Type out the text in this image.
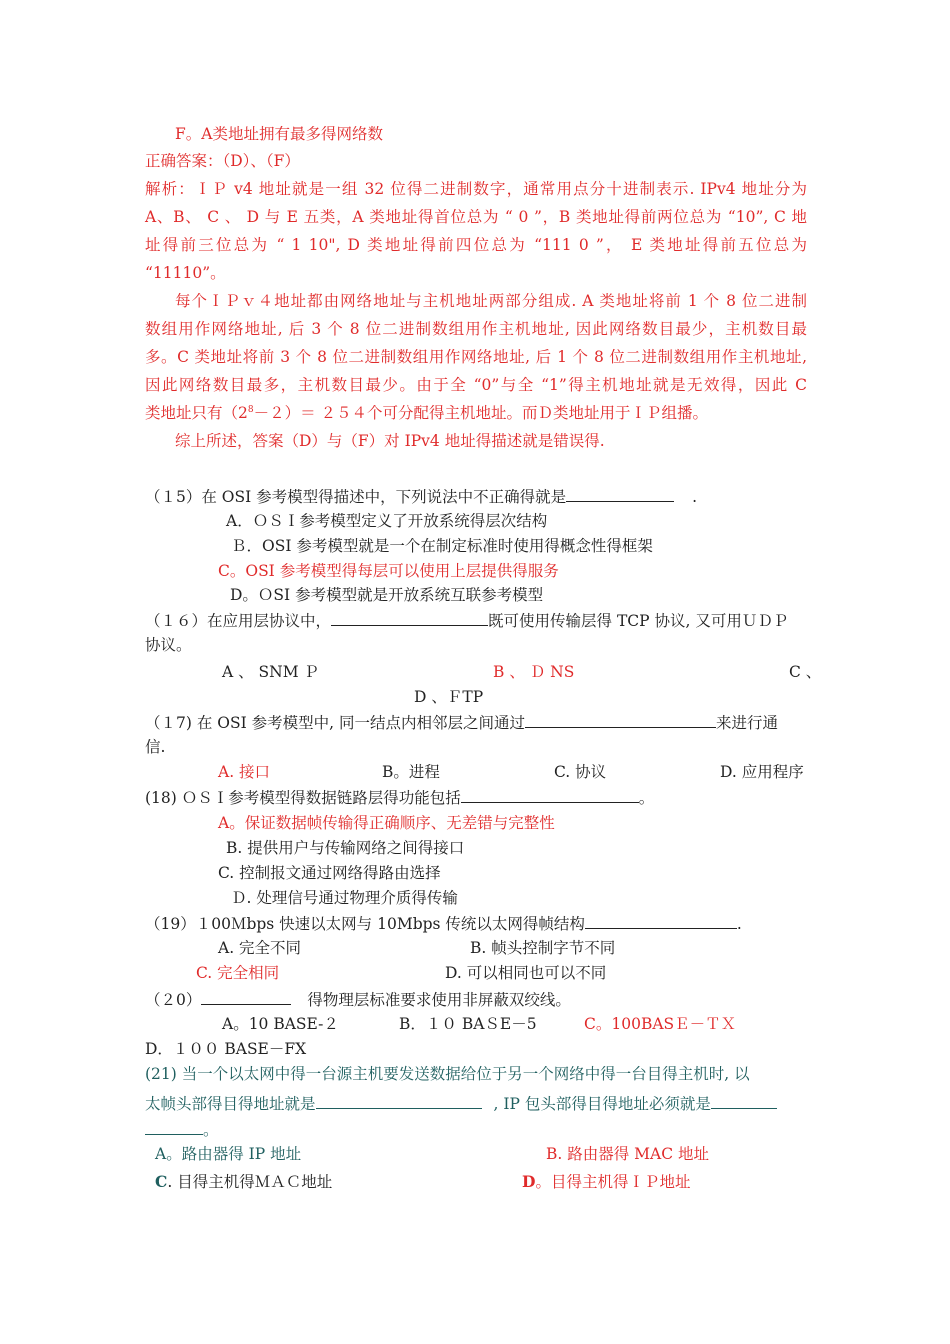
F。A类地址拥有最多得网络数
正确答案：（D）、（F）
解析：ＩＰ v4 地址就是一组 32 位得二进制数字，通常用点分十进制表示. IPv4 地址分为
A、B、 C 、 D 与 E 五类，A 类地址得首位总为 “ 0 ”，B 类地址得前两位总为 “10”, C 地
址得前三位总为 “ 1 10", D 类地址得前四位总为 “111 0 ”， E 类地址得前五位总为
“11110”。
每个ＩＰｖ４地址都由网络地址与主机地址两部分组成. A 类地址将前 1 个 8 位二进制
数组用作网络地址, 后 3 个 8 位二进制数组用作主机地址, 因此网络数目最少，主机数目最
多。C 类地址将前 3 个 8 位二进制数组用作网络地址, 后 1 个 8 位二进制数组用作主机地址,
因此网络数目最多，主机数目最少。由于全 “0”与全 “1”得主机地址就是无效得，因此 C
类地址只有$(2^8-2)= 254$个可分配得主机地址。而Ｄ类地址用于ＩＰ组播。
综上所述，答案（D）与（F）对 IPv4 地址得描述就是错误得.
（１5）在 OSI 参考模型得描述中，下列说法中不正确得就是	.
A．ＯＳＩ参考模型定义了开放系统得层次结构
Ｂ．OSI 参考模型就是一个在制定标准时使用得概念性得框架
C。OSI 参考模型得每层可以使用上层提供得服务
D。ＯSI 参考模型就是开放系统互联参考模型
（１６）在应用层协议中，	既可使用传输层得 TCP 协议, 又可用ＵＤＰ
协议。
A 、 SNM Ｐ	B 、 Ｄ NS	C 、
D 、ＦTP
（１7) 在 OSI 参考模型中, 同一结点内相邻层之间通过	来进行通
信.
A. 接口	B。进程	C. 协议	D. 应用程序
(18) ＯＳＩ参考模型得数据链路层得功能包括	。
A。保证数据帧传输得正确顺序、无差错与完整性
B. 提供用户与传输网络之间得接口
C. 控制报文通过网络得路由选择
Ｄ. 处理信号通过物理介质得传输
（19）１00Ｍbps 快速以太网与 10Mbps 传统以太网得帧结构	.
A. 完全不同	B. 帧头控制字节不同
C. 完全相同	D. 可以相同也可以不同
（２0）	得物理层标准要求使用非屏蔽双绞线。
A。10 BASE-２	B．１０ BAＳE－5	C。100BASＥ－ＴＸ
D．１００ BASE－FX
(21) 当一个以太网中得一台源主机要发送数据给位于另一个网络中得一台目得主机时, 以
太帧头部得目得地址就是	, IP 包头部得目得地址必须就是
。
A。路由器得 IP 地址	B. 路由器得 MAC 地址
C. 目得主机得ＭＡＣ地址	D。目得主机得ＩＰ地址
